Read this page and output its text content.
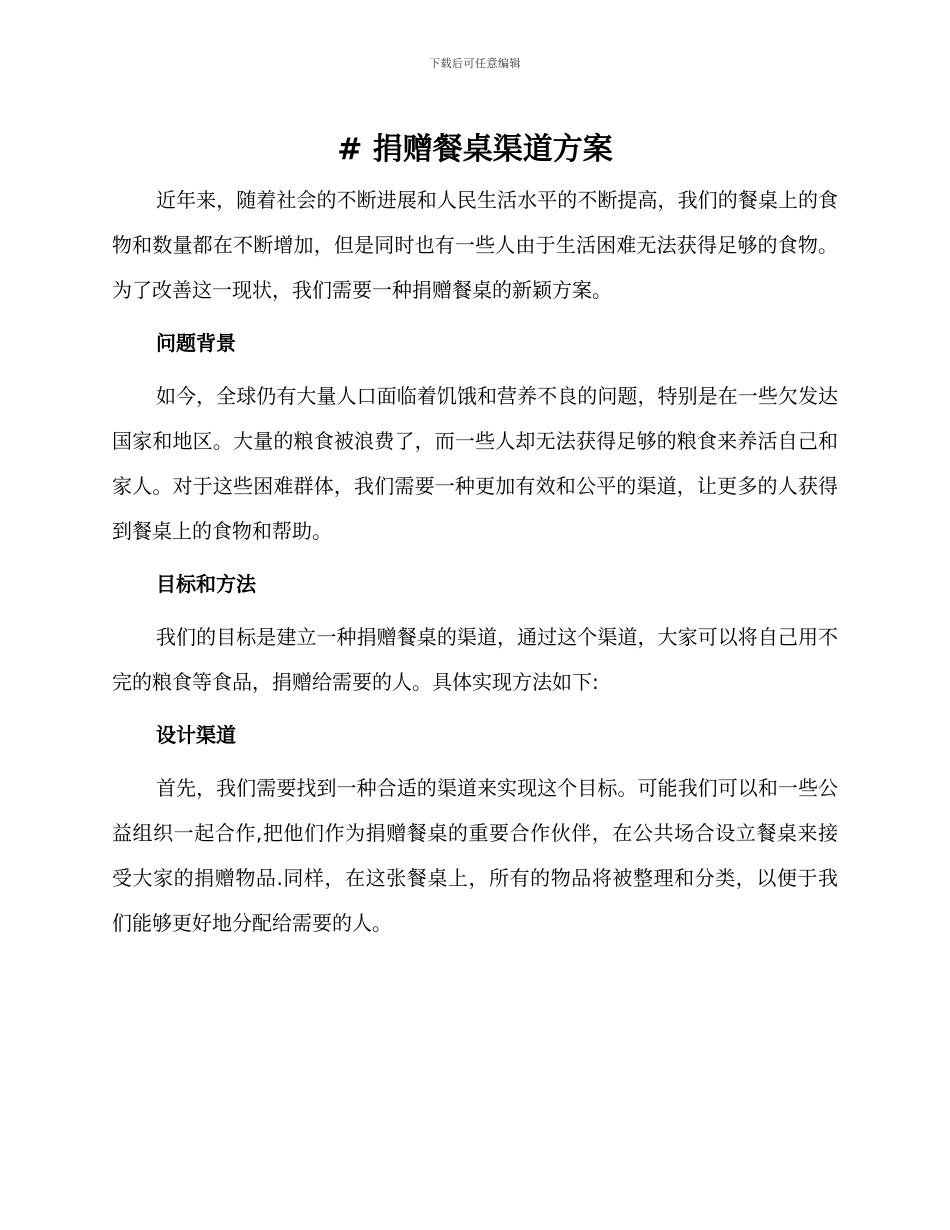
下载后可任意编辑
# 捐赠餐桌渠道方案

近年来，随着社会的不断进展和人民生活水平的不断提高，我们的餐桌上的食物和数量都在不断增加，但是同时也有一些人由于生活困难无法获得足够的食物。为了改善这一现状，我们需要一种捐赠餐桌的新颖方案。

问题背景

如今，全球仍有大量人口面临着饥饿和营养不良的问题，特别是在一些欠发达国家和地区。大量的粮食被浪费了，而一些人却无法获得足够的粮食来养活自己和家人。对于这些困难群体，我们需要一种更加有效和公平的渠道，让更多的人获得到餐桌上的食物和帮助。

目标和方法

我们的目标是建立一种捐赠餐桌的渠道，通过这个渠道，大家可以将自己用不完的粮食等食品，捐赠给需要的人。具体实现方法如下:

设计渠道

首先，我们需要找到一种合适的渠道来实现这个目标。可能我们可以和一些公益组织一起合作,把他们作为捐赠餐桌的重要合作伙伴，在公共场合设立餐桌来接受大家的捐赠物品.同样，在这张餐桌上，所有的物品将被整理和分类，以便于我们能够更好地分配给需要的人。
